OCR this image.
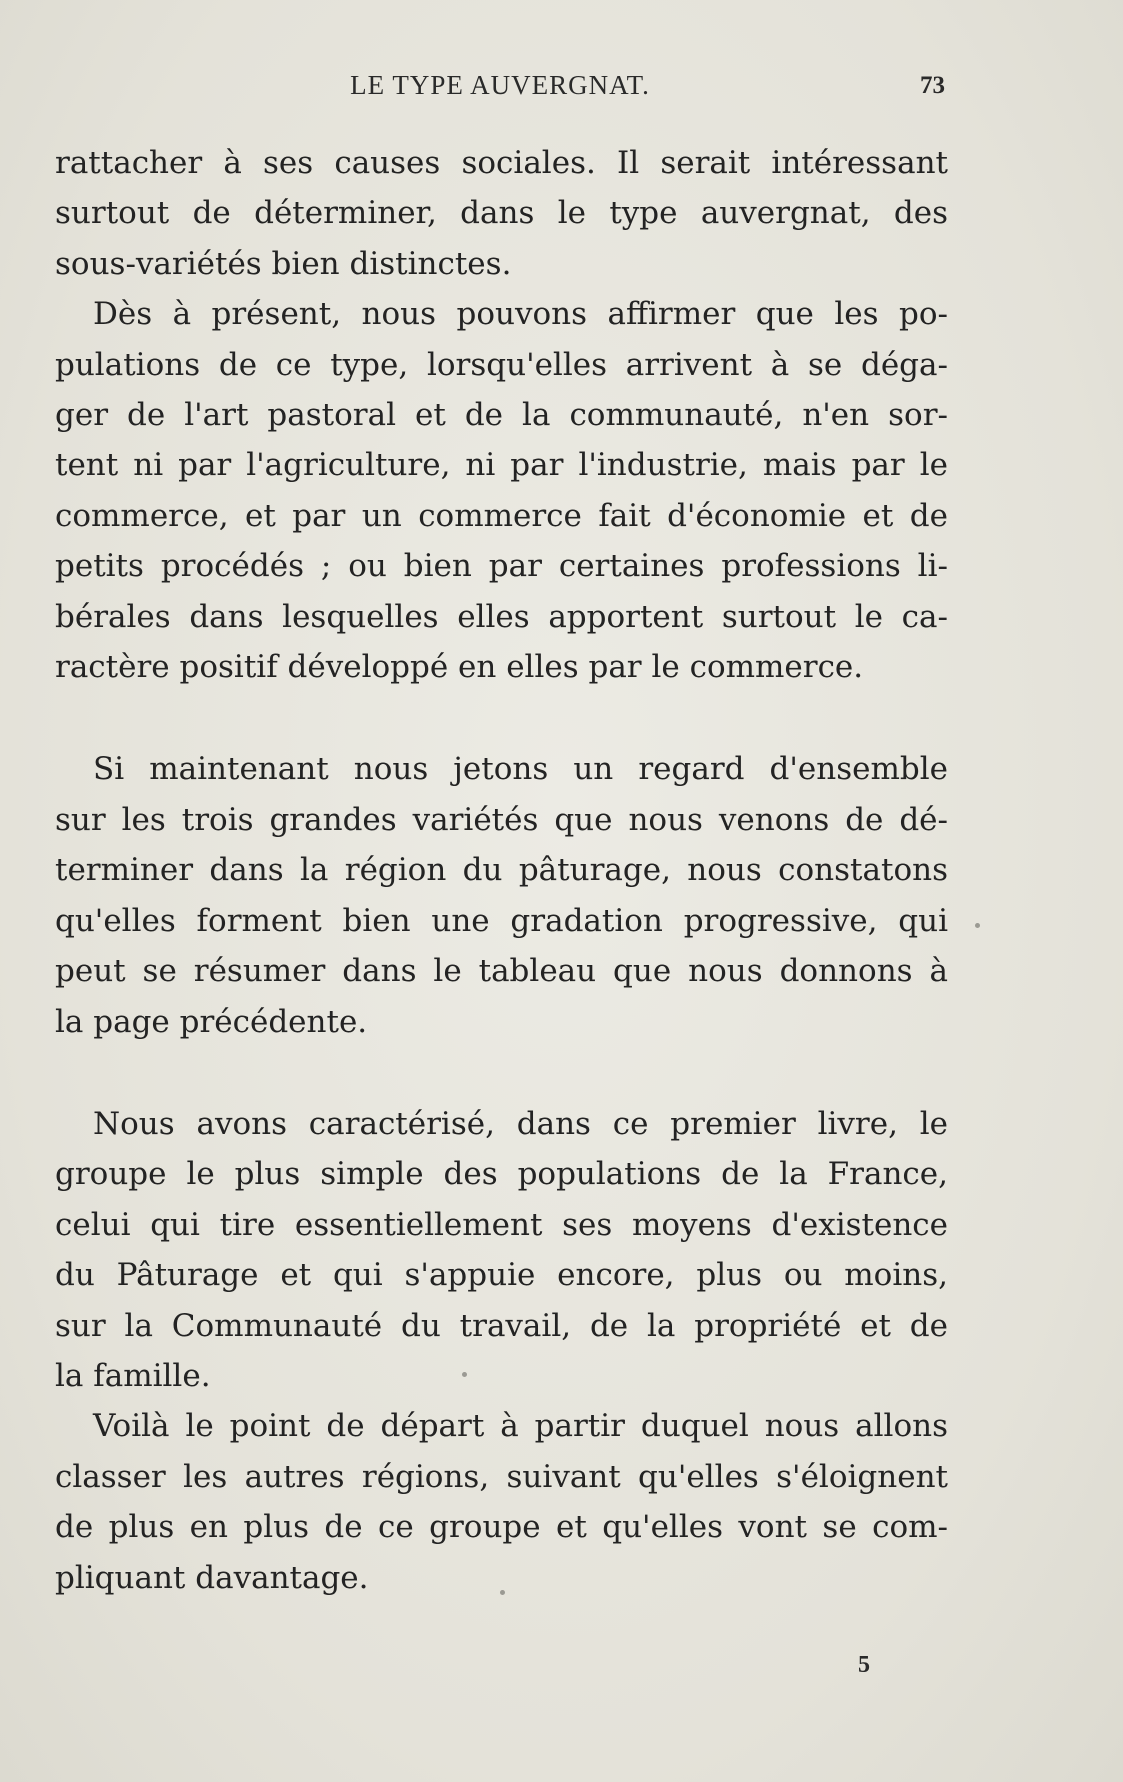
LE TYPE AUVERGNAT.	73

rattacher à ses causes sociales. Il serait intéressant
surtout de déterminer, dans le type auvergnat, des
sous-variétés bien distinctes.

Dès à présent, nous pouvons affirmer que les po-
pulations de ce type, lorsqu'elles arrivent à se déga-
ger de l'art pastoral et de la communauté, n'en sor-
tent ni par l'agriculture, ni par l'industrie, mais par le
commerce, et par un commerce fait d'économie et de
petits procédés ; ou bien par certaines professions li-
bérales dans lesquelles elles apportent surtout le ca-
ractère positif développé en elles par le commerce.

Si maintenant nous jetons un regard d'ensemble
sur les trois grandes variétés que nous venons de dé-
terminer dans la région du pâturage, nous constatons
qu'elles forment bien une gradation progressive, qui
peut se résumer dans le tableau que nous donnons à
la page précédente.

Nous avons caractérisé, dans ce premier livre, le
groupe le plus simple des populations de la France,
celui qui tire essentiellement ses moyens d'existence
du Pâturage et qui s'appuie encore, plus ou moins,
sur la Communauté du travail, de la propriété et de
la famille.

Voilà le point de départ à partir duquel nous allons
classer les autres régions, suivant qu'elles s'éloignent
de plus en plus de ce groupe et qu'elles vont se com-
pliquant davantage.

5
